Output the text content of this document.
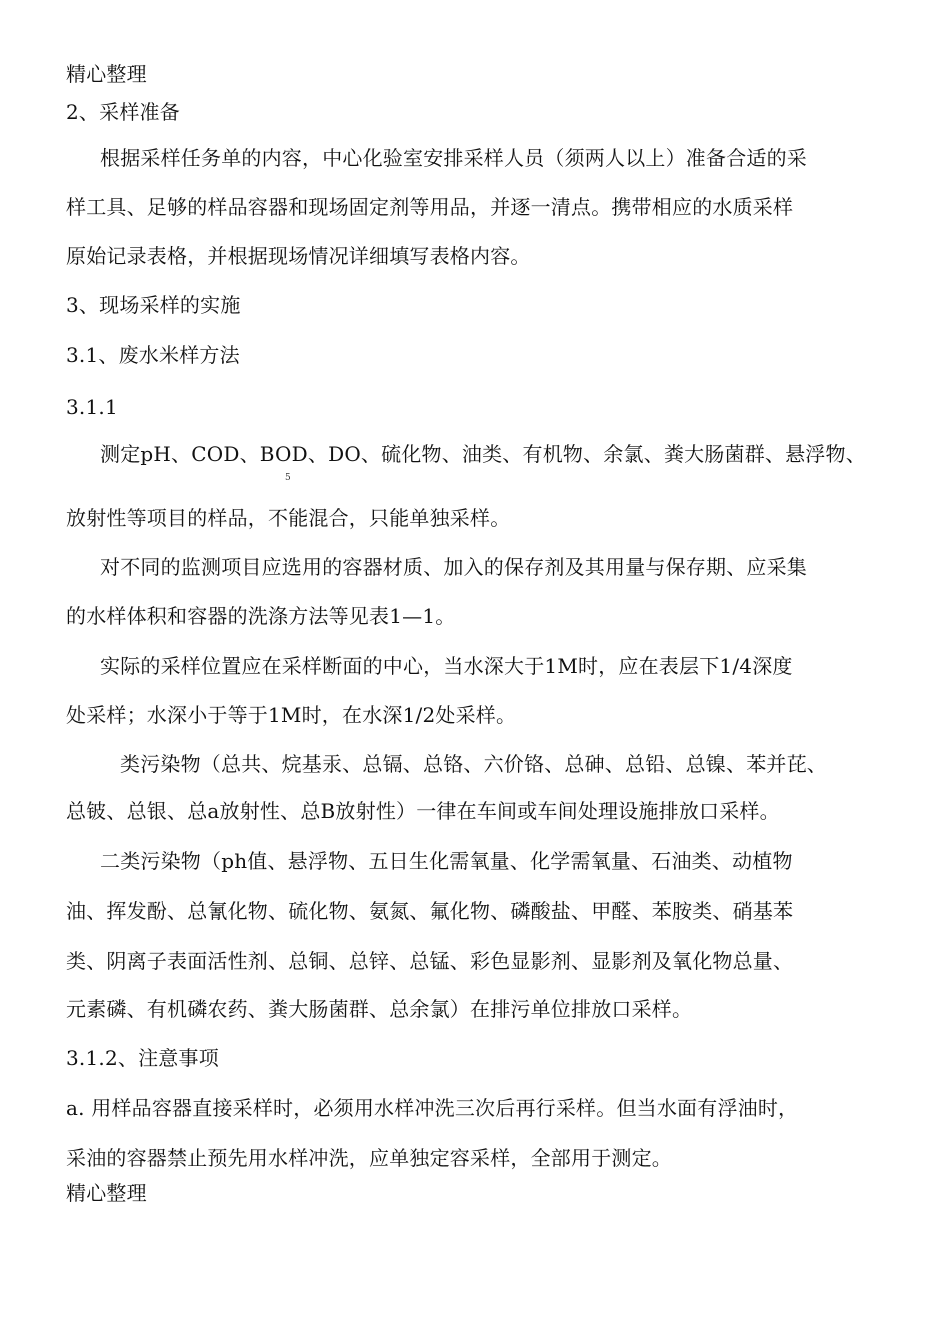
精心整理
2、采样准备
根据采样任务单的内容，中心化验室安排采样人员（须两人以上）准备合适的采
样工具、足够的样品容器和现场固定剂等用品，并逐一清点。携带相应的水质采样
原始记录表格，并根据现场情况详细填写表格内容。
3、现场采样的实施
3.1、废水米样方法
3.1.1
测定pH、COD、BOD、DO、硫化物、油类、有机物、余氯、粪大肠菌群、悬浮物、
5
放射性等项目的样品，不能混合，只能单独采样。
对不同的监测项目应选用的容器材质、加入的保存剂及其用量与保存期、应采集
的水样体积和容器的洗涤方法等见表1—1。
实际的采样位置应在采样断面的中心，当水深大于1M时，应在表层下1/4深度
处采样；水深小于等于1M时，在水深1/2处采样。
类污染物（总共、烷基汞、总镉、总铬、六价铬、总砷、总铅、总镍、苯并芘、
总铍、总银、总a放射性、总B放射性）一律在车间或车间处理设施排放口采样。
二类污染物（ph值、悬浮物、五日生化需氧量、化学需氧量、石油类、动植物
油、挥发酚、总氰化物、硫化物、氨氮、氟化物、磷酸盐、甲醛、苯胺类、硝基苯
类、阴离子表面活性剂、总铜、总锌、总锰、彩色显影剂、显影剂及氧化物总量、
元素磷、有机磷农药、粪大肠菌群、总余氯）在排污单位排放口采样。
3.1.2、注意事项
a. 用样品容器直接采样时，必须用水样冲洗三次后再行采样。但当水面有浮油时，
采油的容器禁止预先用水样冲洗，应单独定容采样，全部用于测定。
精心整理
